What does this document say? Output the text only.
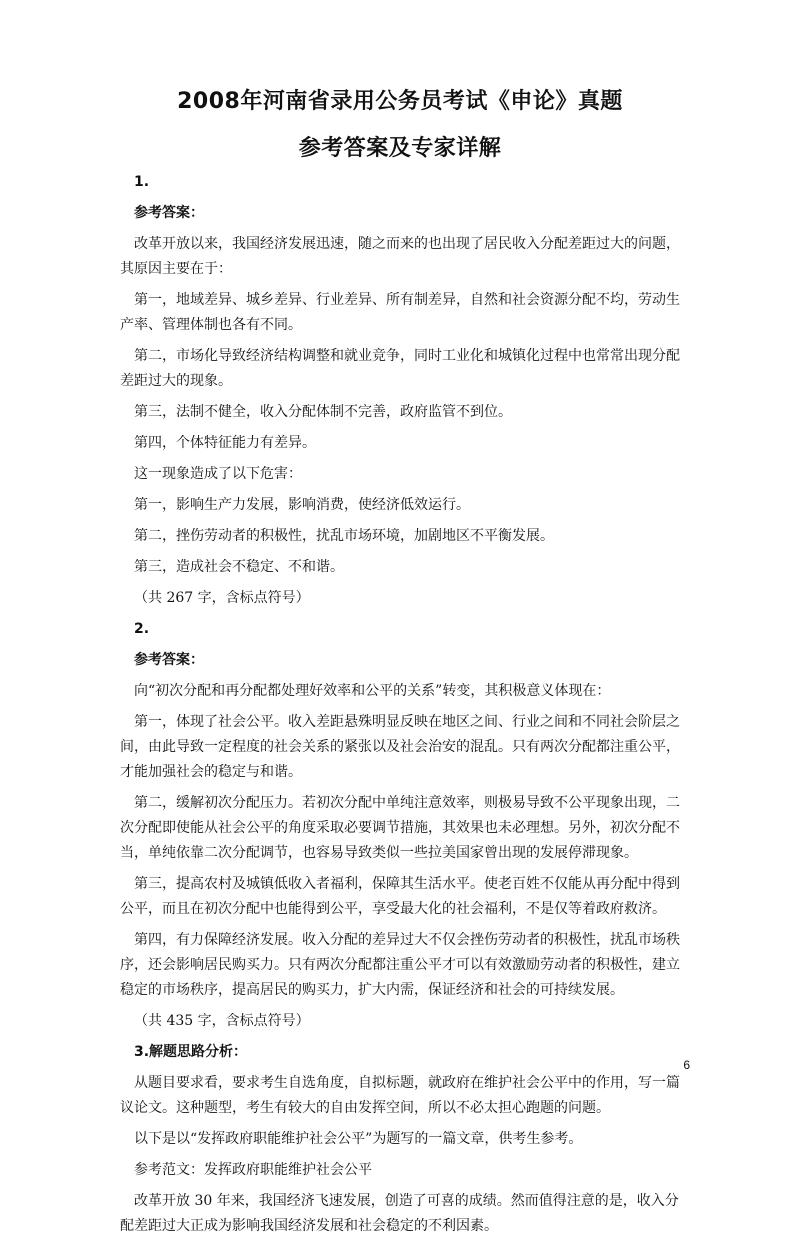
2008年河南省录用公务员考试《申论》真题
参考答案及专家详解

1.

参考答案：

改革开放以来，我国经济发展迅速，随之而来的也出现了居民收入分配差距过大的问题，其原因主要在于：

第一，地域差异、城乡差异、行业差异、所有制差异，自然和社会资源分配不均，劳动生产率、管理体制也各有不同。

第二，市场化导致经济结构调整和就业竞争，同时工业化和城镇化过程中也常常出现分配差距过大的现象。

第三，法制不健全，收入分配体制不完善，政府监管不到位。

第四，个体特征能力有差异。

这一现象造成了以下危害：

第一，影响生产力发展，影响消费，使经济低效运行。

第二，挫伤劳动者的积极性，扰乱市场环境，加剧地区不平衡发展。

第三，造成社会不稳定、不和谐。

（共 267 字，含标点符号）

2.

参考答案：

向“初次分配和再分配都处理好效率和公平的关系”转变，其积极意义体现在：

第一，体现了社会公平。收入差距悬殊明显反映在地区之间、行业之间和不同社会阶层之间，由此导致一定程度的社会关系的紧张以及社会治安的混乱。只有两次分配都注重公平，才能加强社会的稳定与和谐。

第二，缓解初次分配压力。若初次分配中单纯注意效率，则极易导致不公平现象出现，二次分配即使能从社会公平的角度采取必要调节措施，其效果也未必理想。另外，初次分配不当，单纯依靠二次分配调节，也容易导致类似一些拉美国家曾出现的发展停滞现象。

第三，提高农村及城镇低收入者福利，保障其生活水平。使老百姓不仅能从再分配中得到公平，而且在初次分配中也能得到公平，享受最大化的社会福利，不是仅等着政府救济。

第四，有力保障经济发展。收入分配的差异过大不仅会挫伤劳动者的积极性，扰乱市场秩序，还会影响居民购买力。只有两次分配都注重公平才可以有效激励劳动者的积极性，建立稳定的市场秩序，提高居民的购买力，扩大内需，保证经济和社会的可持续发展。

（共 435 字，含标点符号）

3.解题思路分析：

从题目要求看，要求考生自选角度，自拟标题，就政府在维护社会公平中的作用，写一篇议论文。这种题型，考生有较大的自由发挥空间，所以不必太担心跑题的问题。

以下是以“发挥政府职能维护社会公平”为题写的一篇文章，供考生参考。

参考范文：发挥政府职能维护社会公平

改革开放 30 年来，我国经济飞速发展，创造了可喜的成绩。然而值得注意的是，收入分配差距过大正成为影响我国经济发展和社会稳定的不利因素。

6
